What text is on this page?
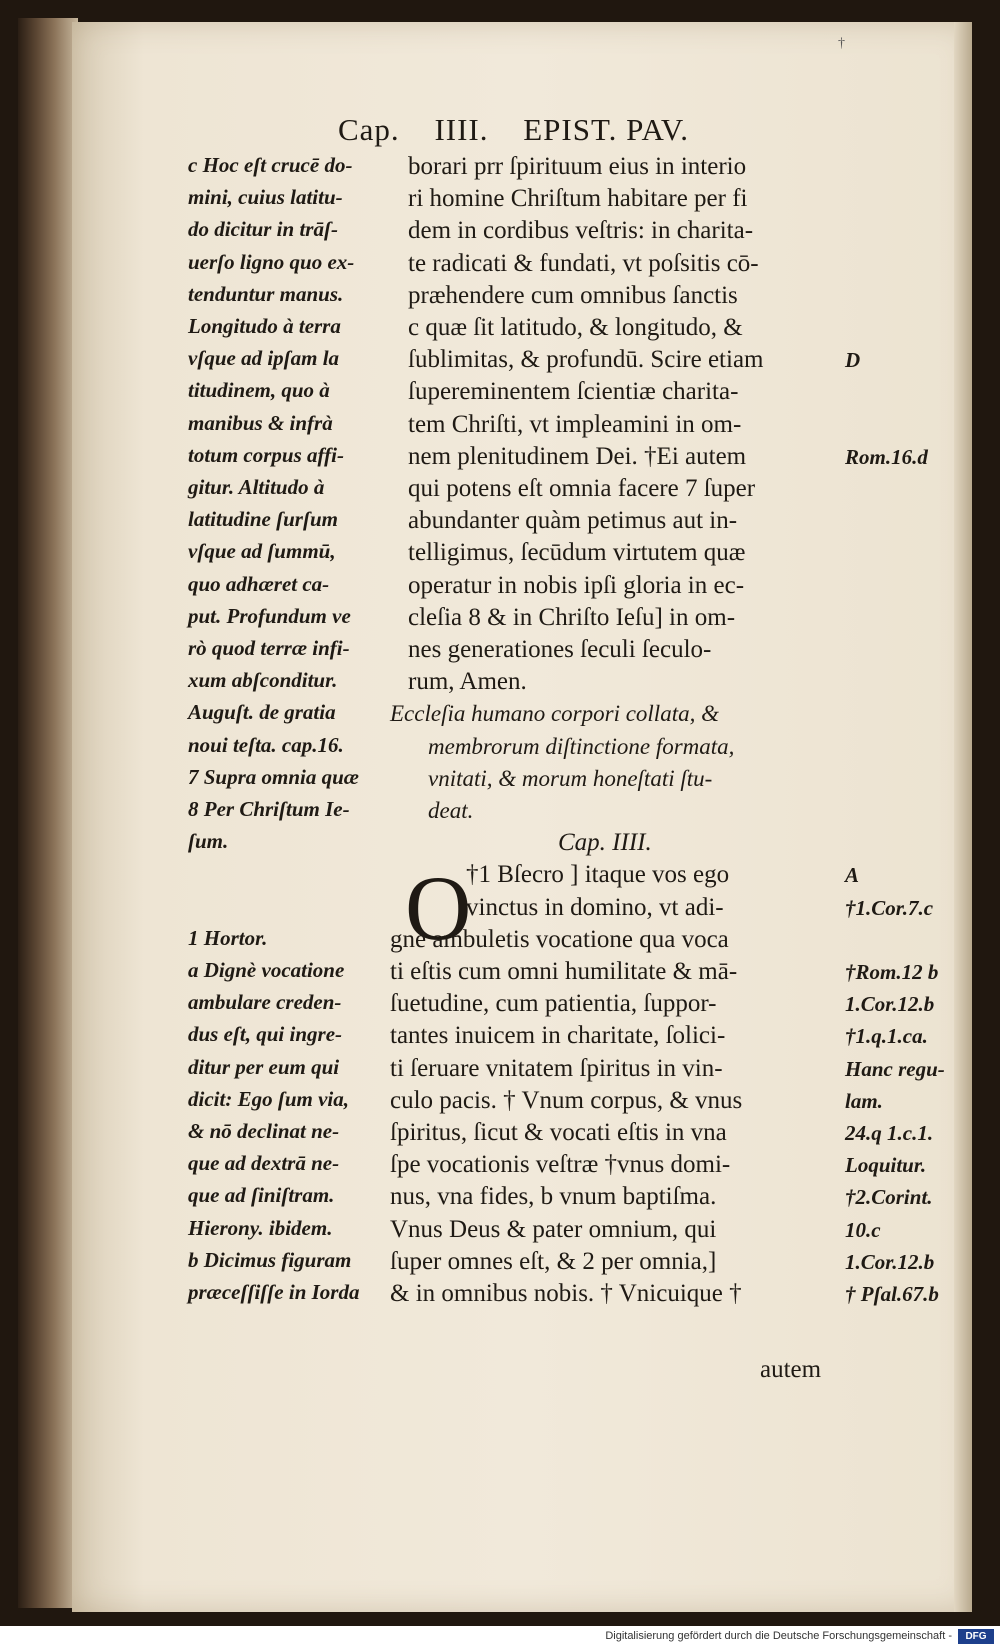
†
Cap. IIII. EPIST. PAV.
c Hoc eſt crucē do-
mini, cuius latitu-
do dicitur in trāſ-
uerſo ligno quo ex-
tenduntur manus.
Longitudo à terra
vſque ad ipſam la
titudinem, quo à
manibus & infrà
totum corpus affi-
gitur. Altitudo à
latitudine ſurſum
vſque ad ſummū,
quo adhæret ca-
put. Profundum ve
rò quod terræ infi-
xum abſconditur.
Auguſt. de gratia
noui teſta. cap.16.
7 Supra omnia quæ
8 Per Chriſtum Ie-
ſum.
1 Hortor.
a Dignè vocatione
ambulare creden-
dus eſt, qui ingre-
ditur per eum qui
dicit: Ego ſum via,
& nō declinat ne-
que ad dextrā ne-
que ad ſiniſtram.
Hierony. ibidem.
b Dicimus figuram
præceſſiſſe in Iorda
borari prr ſpirituum eius in interio
ri homine Chriſtum habitare per fi
dem in cordibus veſtris: in charita-
te radicati & fundati, vt poſsitis cō-
præhendere cum omnibus ſanctis
c quæ ſit latitudo, & longitudo, &
ſublimitas, & profundū. Scire etiam
ſupereminentem ſcientiæ charita-
tem Chriſti, vt impleamini in om-
nem plenitudinem Dei. †Ei autem
qui potens eſt omnia facere 7 ſuper
abundanter quàm petimus aut in-
telligimus, ſecūdum virtutem quæ
operatur in nobis ipſi gloria in ec-
cleſia 8 & in Chriſto Ieſu] in om-
nes generationes ſeculi ſeculo-
rum, Amen.
Eccleſia humano corpori collata, &
membrorum diſtinctione formata,
vnitati, & morum honeſtati ſtu-
deat.
Cap. IIII.
†1 Bſecro ] itaque vos ego
vinctus in domino, vt adi-
gne ambuletis vocatione qua voca
ti eſtis cum omni humilitate & mā-
ſuetudine, cum patientia, ſuppor-
tantes inuicem in charitate, ſolici-
ti ſeruare vnitatem ſpiritus in vin-
culo pacis. † Vnum corpus, & vnus
ſpiritus, ſicut & vocati eſtis in vna
ſpe vocationis veſtræ †vnus domi-
nus, vna fides, b vnum baptiſma.
Vnus Deus & pater omnium, qui
ſuper omnes eſt, & 2 per omnia,]
& in omnibus nobis. † Vnicuique †
D
Rom.16.d
A
†1.Cor.7.c
†Rom.12 b
1.Cor.12.b
†1.q.1.ca.
Hanc regu-
lam.
24.q 1.c.1.
Loquitur.
†2.Corint.
10.c
1.Cor.12.b
† Pſal.67.b
O
autem
Digitalisierung gefördert durch die Deutsche Forschungsgemeinschaft -	DFG
